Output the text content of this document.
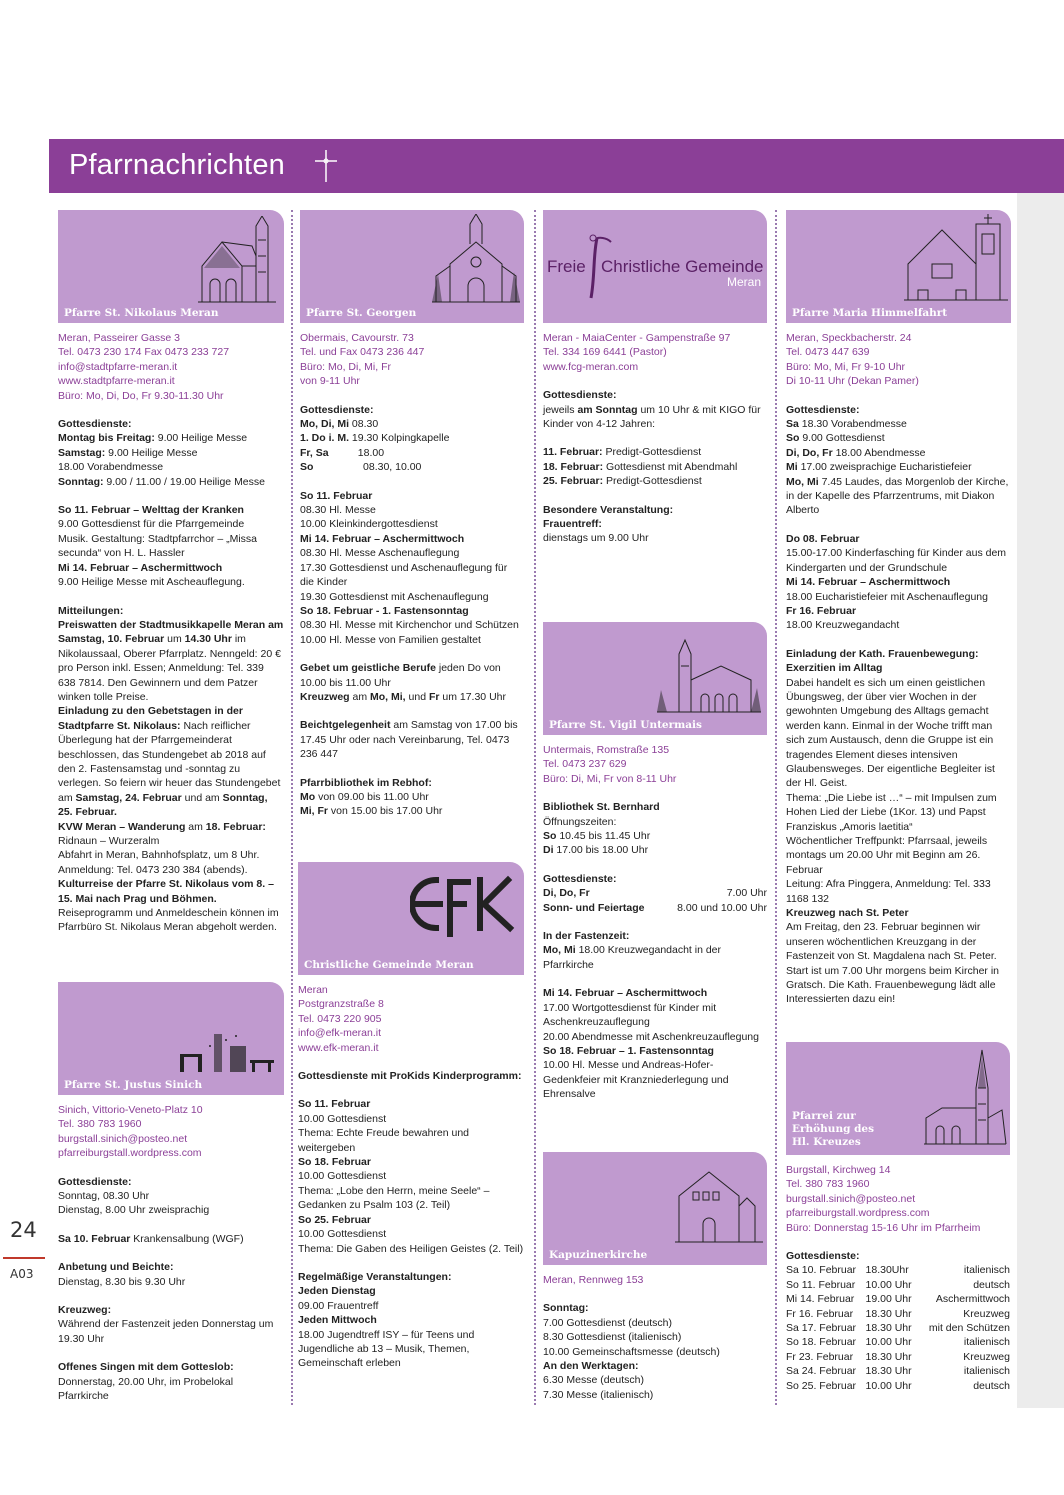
Pfarrnachrichten
Pfarre St. Nikolaus Meran
Meran, Passeirer Gasse 3
Tel. 0473 230 174 Fax 0473 233 727
info@stadtpfarre-meran.it
www.stadtpfarre-meran.it
Büro: Mo, Di, Do, Fr 9.30-11.30 Uhr

Gottesdienste:
Montag bis Freitag: 9.00 Heilige Messe
Samstag: 9.00 Heilige Messe
18.00 Vorabendmesse
Sonntag: 9.00 / 11.00 / 19.00 Heilige Messe

So 11. Februar – Welttag der Kranken
9.00 Gottesdienst für die Pfarrgemeinde
Musik. Gestaltung: Stadtpfarrchor – „Missa secunda“ von H. L. Hassler
Mi 14. Februar – Aschermittwoch
9.00 Heilige Messe mit Ascheauflegung.

Mitteilungen:
Preiswatten der Stadtmusikkapelle Meran am Samstag, 10. Februar um 14.30 Uhr im Nikolaussaal, Oberer Pfarrplatz. Nenngeld: 20 € pro Person inkl. Essen; Anmeldung: Tel. 339 638 7814. Den Gewinnern und dem Patzer winken tolle Preise.
Einladung zu den Gebetstagen in der Stadtpfarre St. Nikolaus: Nach reiflicher Überlegung hat der Pfarrgemeinderat beschlossen, das Stundengebet ab 2018 auf den 2. Fastensamstag und -sonntag zu verlegen. So feiern wir heuer das Stundengebet am Samstag, 24. Februar und am Sonntag, 25. Februar.
KVW Meran – Wanderung am 18. Februar: Ridnaun – Wurzeralm
Abfahrt in Meran, Bahnhofsplatz, um 8 Uhr. Anmeldung: Tel. 0473 230 384 (abends).
Kulturreise der Pfarre St. Nikolaus vom 8. – 15. Mai nach Prag und Böhmen. Reiseprogramm und Anmeldeschein können im Pfarrbüro St. Nikolaus Meran abgeholt werden.

Pfarre St. Justus Sinich
Sinich, Vittorio-Veneto-Platz 10
Tel. 380 783 1960
burgstall.sinich@posteo.net
pfarreiburgstall.wordpress.com

Gottesdienste:
Sonntag, 08.30 Uhr
Dienstag, 8.00 Uhr zweisprachig

Sa 10. Februar Krankensalbung (WGF)

Anbetung und Beichte:
Dienstag, 8.30 bis 9.30 Uhr

Kreuzweg:
Während der Fastenzeit jeden Donnerstag um 19.30 Uhr

Offenes Singen mit dem Gotteslob:
Donnerstag, 20.00 Uhr, im Probelokal Pfarrkirche

Pfarre St. Georgen
Obermais, Cavourstr. 73
Tel. und Fax 0473 236 447
Büro: Mo, Di, Mi, Fr
von 9-11 Uhr

Gottesdienste:
Mo, Di, Mi 08.30
1. Do i. M. 19.30 Kolpingkapelle
Fr, Sa          18.00
So                 08.30, 10.00

So 11. Februar
08.30 Hl. Messe
10.00 Kleinkindergottesdienst
Mi 14. Februar – Aschermittwoch
08.30 Hl. Messe Aschenauflegung
17.30 Gottesdienst und Aschenauflegung für die Kinder
19.30 Gottesdienst mit Aschenauflegung
So 18. Februar - 1. Fastensonntag
08.30 Hl. Messe mit Kirchenchor und Schützen
10.00 Hl. Messe von Familien gestaltet

Gebet um geistliche Berufe jeden Do von 10.00 bis 11.00 Uhr
Kreuzweg am Mo, Mi, und Fr um 17.30 Uhr

Beichtgelegenheit am Samstag von 17.00 bis 17.45 Uhr oder nach Vereinbarung, Tel. 0473 236 447

Pfarrbibliothek im Rebhof:
Mo von 09.00 bis 11.00 Uhr
Mi, Fr von 15.00 bis 17.00 Uhr

Christliche Gemeinde Meran
Meran
Postgranzstraße 8
Tel. 0473 220 905
info@efk-meran.it
www.efk-meran.it

Gottesdienste mit ProKids Kinderprogramm:

So 11. Februar
10.00 Gottesdienst
Thema: Echte Freude bewahren und weitergeben
So 18. Februar
10.00 Gottesdienst
Thema: „Lobe den Herrn, meine Seele“ – Gedanken zu Psalm 103 (2. Teil)
So 25. Februar
10.00 Gottesdienst
Thema: Die Gaben des Heiligen Geistes (2. Teil)

Regelmäßige Veranstaltungen:
Jeden Dienstag
09.00 Frauentreff
Jeden Mittwoch
18.00 Jugendtreff ISY – für Teens und Jugendliche ab 13 – Musik, Themen, Gemeinschaft erleben

Freie Christliche Gemeinde
Meran
Meran - MaiaCenter - Gampenstraße 97
Tel. 334 169 6441 (Pastor)
www.fcg-meran.com

Gottesdienste:
jeweils am Sonntag um 10 Uhr & mit KIGO für Kinder von 4-12 Jahren:

11. Februar: Predigt-Gottesdienst
18. Februar: Gottesdienst mit Abendmahl
25. Februar: Predigt-Gottesdienst

Besondere Veranstaltung:
Frauentreff:
dienstags um 9.00 Uhr

Pfarre St. Vigil Untermais
Untermais, Romstraße 135
Tel. 0473 237 629
Büro: Di, Mi, Fr von 8-11 Uhr

Bibliothek St. Bernhard
Öffnungszeiten:
So 10.45 bis 11.45 Uhr
Di 17.00 bis 18.00 Uhr

Gottesdienste:

Di, Do, Fr	7.00 Uhr
Sonn- und Feiertage	8.00 und 10.00 Uhr

In der Fastenzeit:
Mo, Mi 18.00 Kreuzwegandacht in der Pfarrkirche

Mi 14. Februar – Aschermittwoch
17.00 Wortgottesdienst für Kinder mit Aschenkreuzauflegung
20.00 Abendmesse mit Aschenkreuzauflegung
So 18. Februar – 1. Fastensonntag
10.00 Hl. Messe und Andreas-Hofer-Gedenkfeier mit Kranzniederlegung und Ehrensalve

Kapuzinerkirche
Meran, Rennweg 153

Sonntag:
7.00 Gottesdienst (deutsch)
8.30 Gottesdienst (italienisch)
10.00 Gemeinschaftsmesse (deutsch)
An den Werktagen:
6.30 Messe (deutsch)
7.30 Messe (italienisch)

Pfarre Maria Himmelfahrt
Meran, Speckbacherstr. 24
Tel. 0473 447 639
Büro: Mo, Mi, Fr 9-10 Uhr
Di 10-11 Uhr (Dekan Pamer)

Gottesdienste:
Sa 18.30 Vorabendmesse
So 9.00 Gottesdienst
Di, Do, Fr 18.00 Abendmesse
Mi 17.00 zweisprachige Eucharistiefeier
Mo, Mi 7.45 Laudes, das Morgenlob der Kirche, in der Kapelle des Pfarrzentrums, mit Diakon Alberto

Do 08. Februar
15.00-17.00 Kinderfasching für Kinder aus dem Kindergarten und der Grundschule
Mi 14. Februar – Aschermittwoch
18.00 Eucharistiefeier mit Aschenauflegung
Fr 16. Februar
18.00 Kreuzwegandacht

Einladung der Kath. Frauenbewegung: Exerzitien im Alltag
Dabei handelt es sich um einen geistlichen Übungsweg, der über vier Wochen in der gewohnten Umgebung des Alltags gemacht werden kann. Einmal in der Woche trifft man sich zum Austausch, denn die Gruppe ist ein tragendes Element dieses intensiven Glaubensweges. Der eigentliche Begleiter ist der Hl. Geist.
Thema: „Die Liebe ist …“ – mit Impulsen zum Hohen Lied der Liebe (1Kor. 13) und Papst Franziskus „Amoris laetitia“
Wöchentlicher Treffpunkt: Pfarrsaal, jeweils montags um 20.00 Uhr mit Beginn am 26. Februar
Leitung: Afra Pinggera, Anmeldung: Tel. 333 1168 132
Kreuzweg nach St. Peter
Am Freitag, den 23. Februar beginnen wir unseren wöchentlichen Kreuzgang in der Fastenzeit von St. Magdalena nach St. Peter. Start ist um 7.00 Uhr morgens beim Kircher in Gratsch. Die Kath. Frauenbewegung lädt alle Interessierten dazu ein!

Pfarrei zur
Erhöhung des
Hl. Kreuzes
Burgstall, Kirchweg 14
Tel. 380 783 1960
burgstall.sinich@posteo.net
pfarreiburgstall.wordpress.com
Büro: Donnerstag 15-16 Uhr im Pfarrheim
Gottesdienste:
Sa 10. Februar	18.30Uhr	italienisch
So 11. Februar	10.00 Uhr	deutsch
Mi 14. Februar	19.00 Uhr	Aschermittwoch
Fr 16. Februar	18.30 Uhr	Kreuzweg
Sa 17. Februar	18.30 Uhr	mit den Schützen
So 18. Februar	10.00 Uhr	italienisch
Fr 23. Februar	18.30 Uhr	Kreuzweg
Sa 24. Februar	18.30 Uhr	italienisch
So 25. Februar	10.00 Uhr	deutsch
24
A03
